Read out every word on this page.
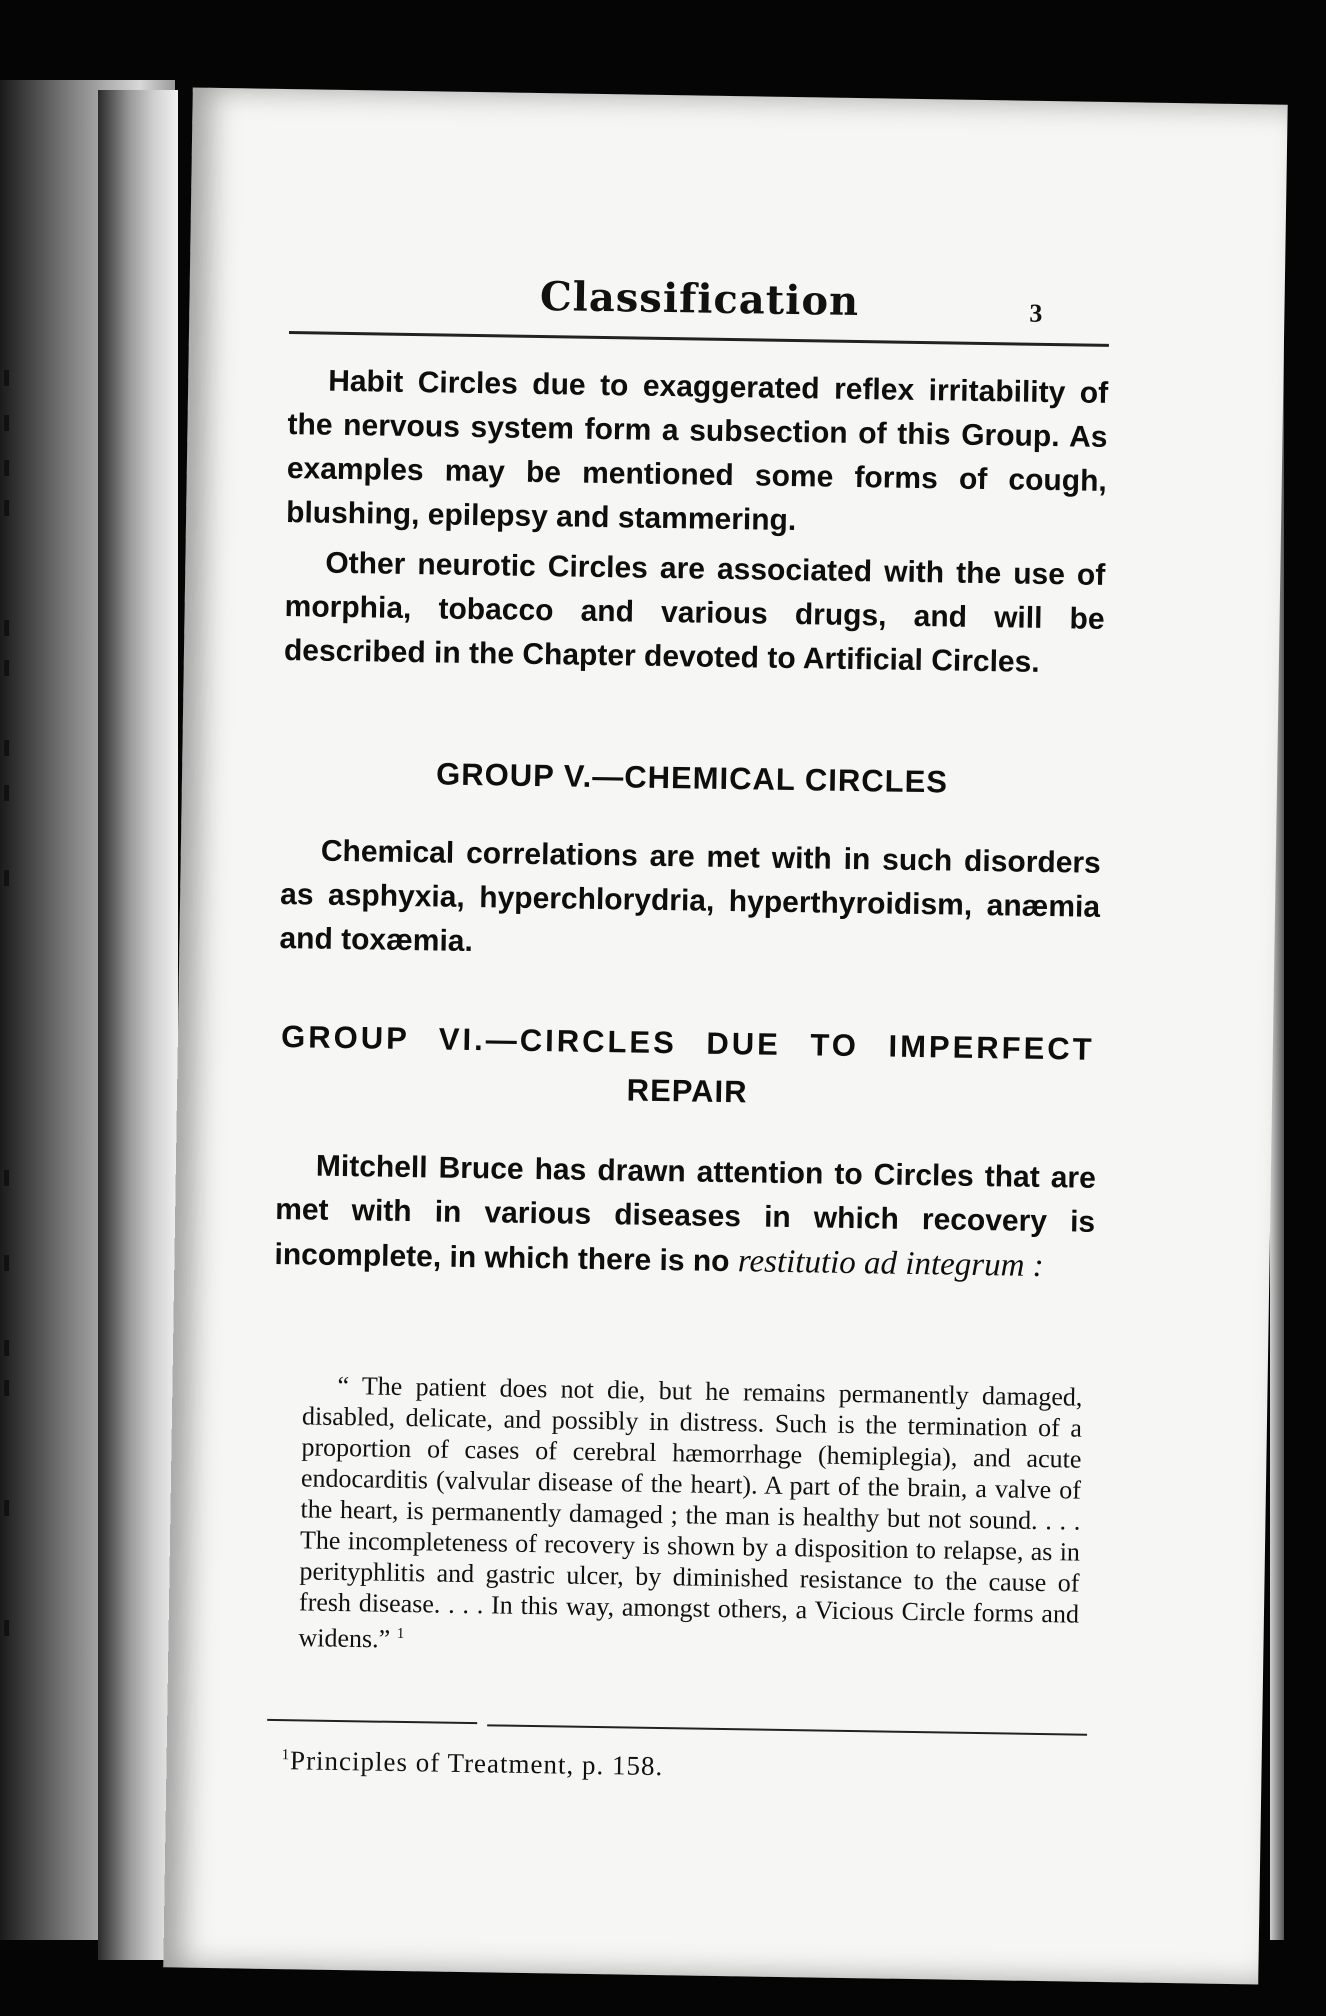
Classification	3

Habit Circles due to exaggerated reflex irritability of the nervous system form a subsection of this Group. As examples may be mentioned some forms of cough, blushing, epilepsy and stammering.

Other neurotic Circles are associated with the use of morphia, tobacco and various drugs, and will be described in the Chapter devoted to Artificial Circles.

GROUP V.—CHEMICAL CIRCLES

Chemical correlations are met with in such disorders as asphyxia, hyperchlorydria, hyperthyroidism, anæmia and toxæmia.

GROUP VI.—CIRCLES DUE TO IMPERFECT
REPAIR

Mitchell Bruce has drawn attention to Circles that are met with in various diseases in which recovery is incomplete, in which there is no restitutio ad integrum :

“ The patient does not die, but he remains permanently damaged, disabled, delicate, and possibly in distress. Such is the termination of a proportion of cases of cerebral hæmorrhage (hemiplegia), and acute endocarditis (valvular disease of the heart). A part of the brain, a valve of the heart, is permanently damaged ; the man is healthy but not sound. . . . The incompleteness of recovery is shown by a disposition to relapse, as in perityphlitis and gastric ulcer, by diminished resistance to the cause of fresh disease. . . . In this way, amongst others, a Vicious Circle forms and widens.” $^1$

$^1$Principles of Treatment, p. 158.
